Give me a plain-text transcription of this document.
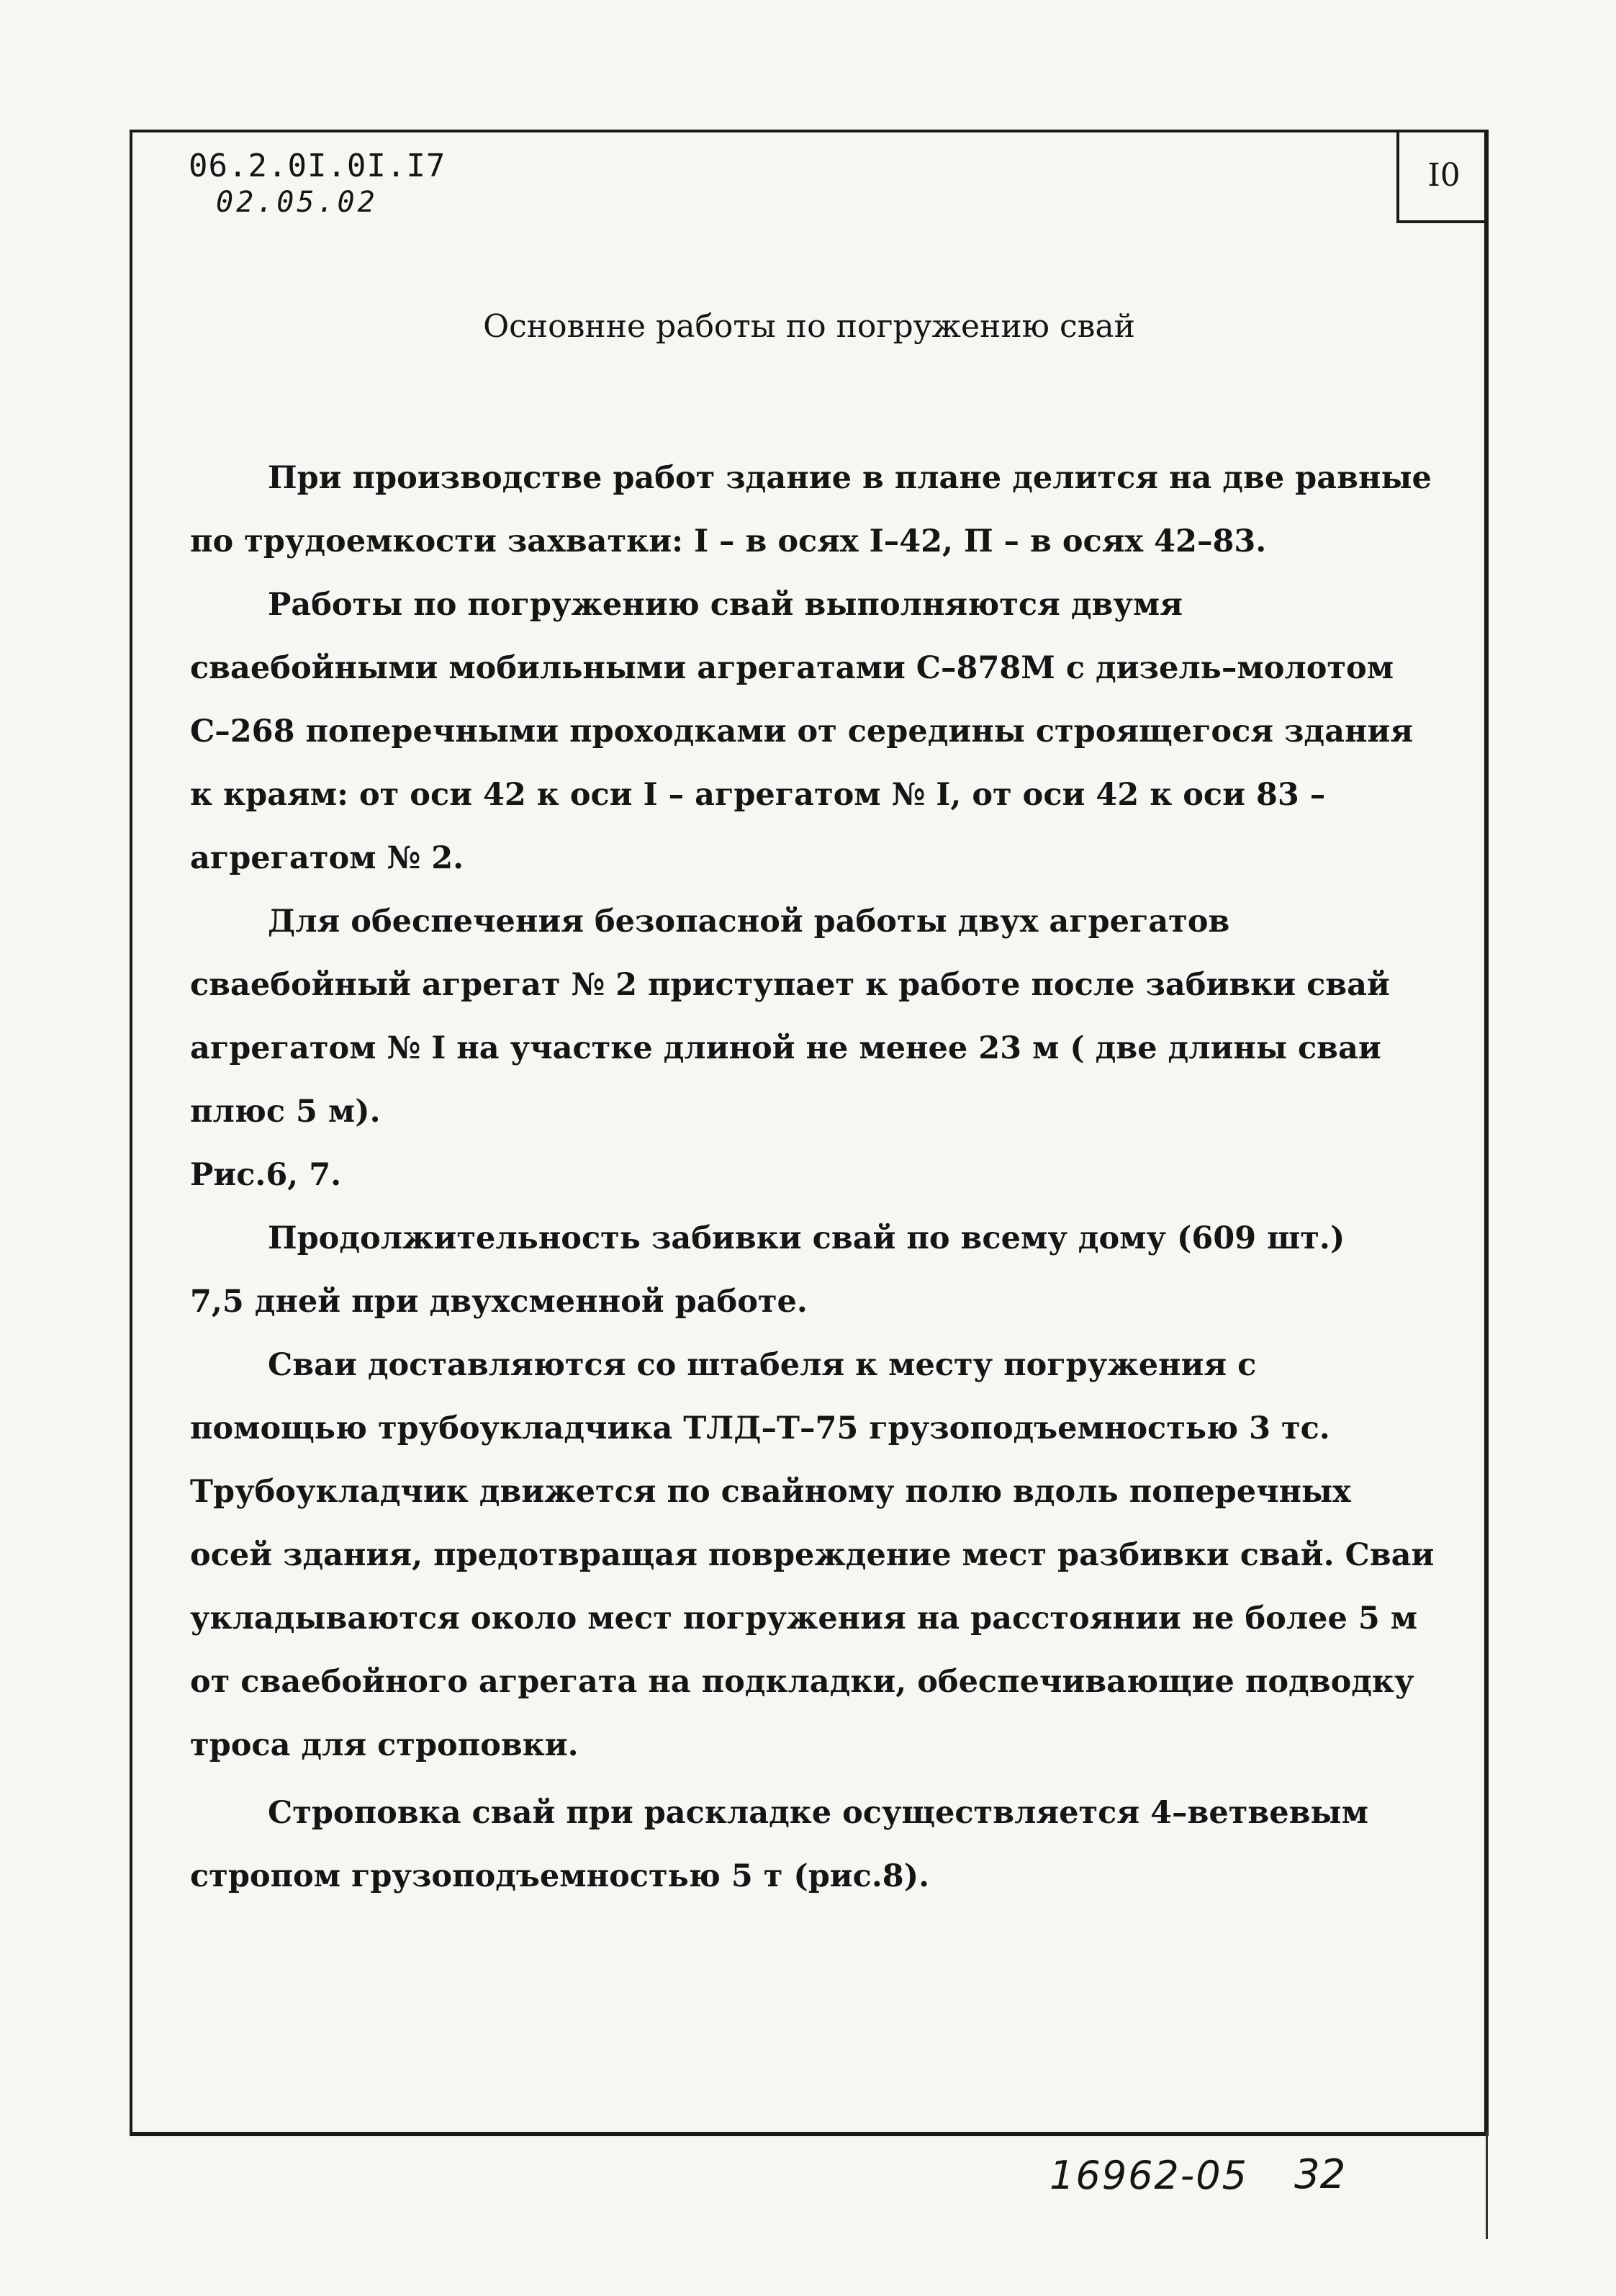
I0
06.2.0I.0I.I7
02.05.02
Основнне работы по погружению свай

При производстве работ здание в плане делится на две равные по трудоемкости захватки: I – в осях I–42, П – в осях 42–83.

Работы по погружению свай выполняются двумя сваебойными мобильными агрегатами С–878М с дизель–молотом С–268 поперечными проходками от середины строящегося здания к краям: от оси 42 к оси I – агрегатом № I, от оси 42 к оси 83 – агрегатом № 2.

Для обеспечения безопасной работы двух агрегатов сваебойный агрегат № 2 приступает к работе после забивки свай агрегатом № I на участке длиной не менее 23 м ( две длины сваи плюс 5 м).

Рис.6, 7.

Продолжительность забивки свай по всему дому (609 шт.)

7,5 дней при двухсменной работе.

Сваи доставляются со штабеля к месту погружения с помощью трубоукладчика ТЛД–Т–75 грузоподъемностью 3 тс. Трубоукладчик движется по свайному полю вдоль поперечных осей здания, предотвращая повреждение мест разбивки свай. Сваи укладываются около мест погружения на расстоянии не более 5 м от сваебойного агрегата на подкладки, обеспечивающие подводку троса для строповки.

Строповка свай при раскладке осуществляется 4–ветвевым стропом грузоподъемностью 5 т (рис.8).

16962-05 32
